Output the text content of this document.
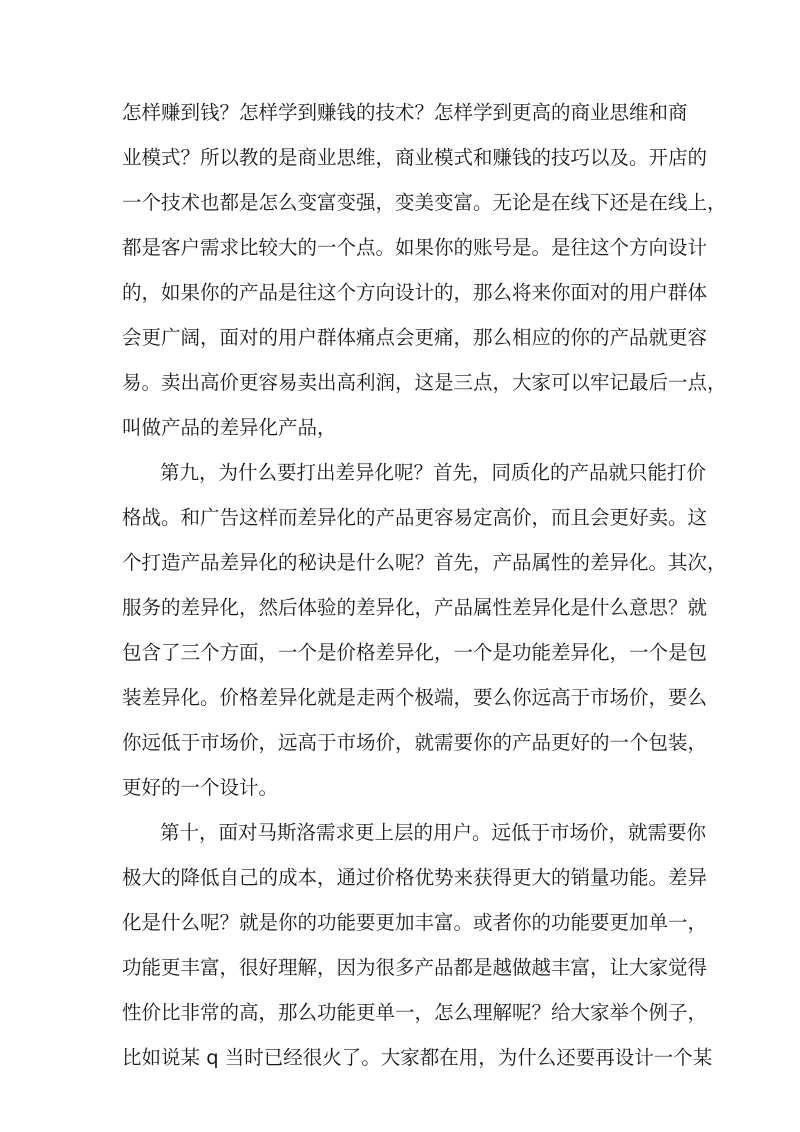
怎样赚到钱？怎样学到赚钱的技术？怎样学到更高的商业思维和商
业模式？所以教的是商业思维，商业模式和赚钱的技巧以及。开店的
一个技术也都是怎么变富变强，变美变富。无论是在线下还是在线上，
都是客户需求比较大的一个点。如果你的账号是。是往这个方向设计
的，如果你的产品是往这个方向设计的，那么将来你面对的用户群体
会更广阔，面对的用户群体痛点会更痛，那么相应的你的产品就更容
易。卖出高价更容易卖出高利润，这是三点，大家可以牢记最后一点，
叫做产品的差异化产品，
第九，为什么要打出差异化呢？首先，同质化的产品就只能打价
格战。和广告这样而差异化的产品更容易定高价，而且会更好卖。这
个打造产品差异化的秘诀是什么呢？首先，产品属性的差异化。其次，
服务的差异化，然后体验的差异化，产品属性差异化是什么意思？就
包含了三个方面，一个是价格差异化，一个是功能差异化，一个是包
装差异化。价格差异化就是走两个极端，要么你远高于市场价，要么
你远低于市场价，远高于市场价，就需要你的产品更好的一个包装，
更好的一个设计。
第十，面对马斯洛需求更上层的用户。远低于市场价，就需要你
极大的降低自己的成本，通过价格优势来获得更大的销量功能。差异
化是什么呢？就是你的功能要更加丰富。或者你的功能要更加单一，
功能更丰富，很好理解，因为很多产品都是越做越丰富，让大家觉得
性价比非常的高，那么功能更单一，怎么理解呢？给大家举个例子，
比如说某 q 当时已经很火了。大家都在用，为什么还要再设计一个某
